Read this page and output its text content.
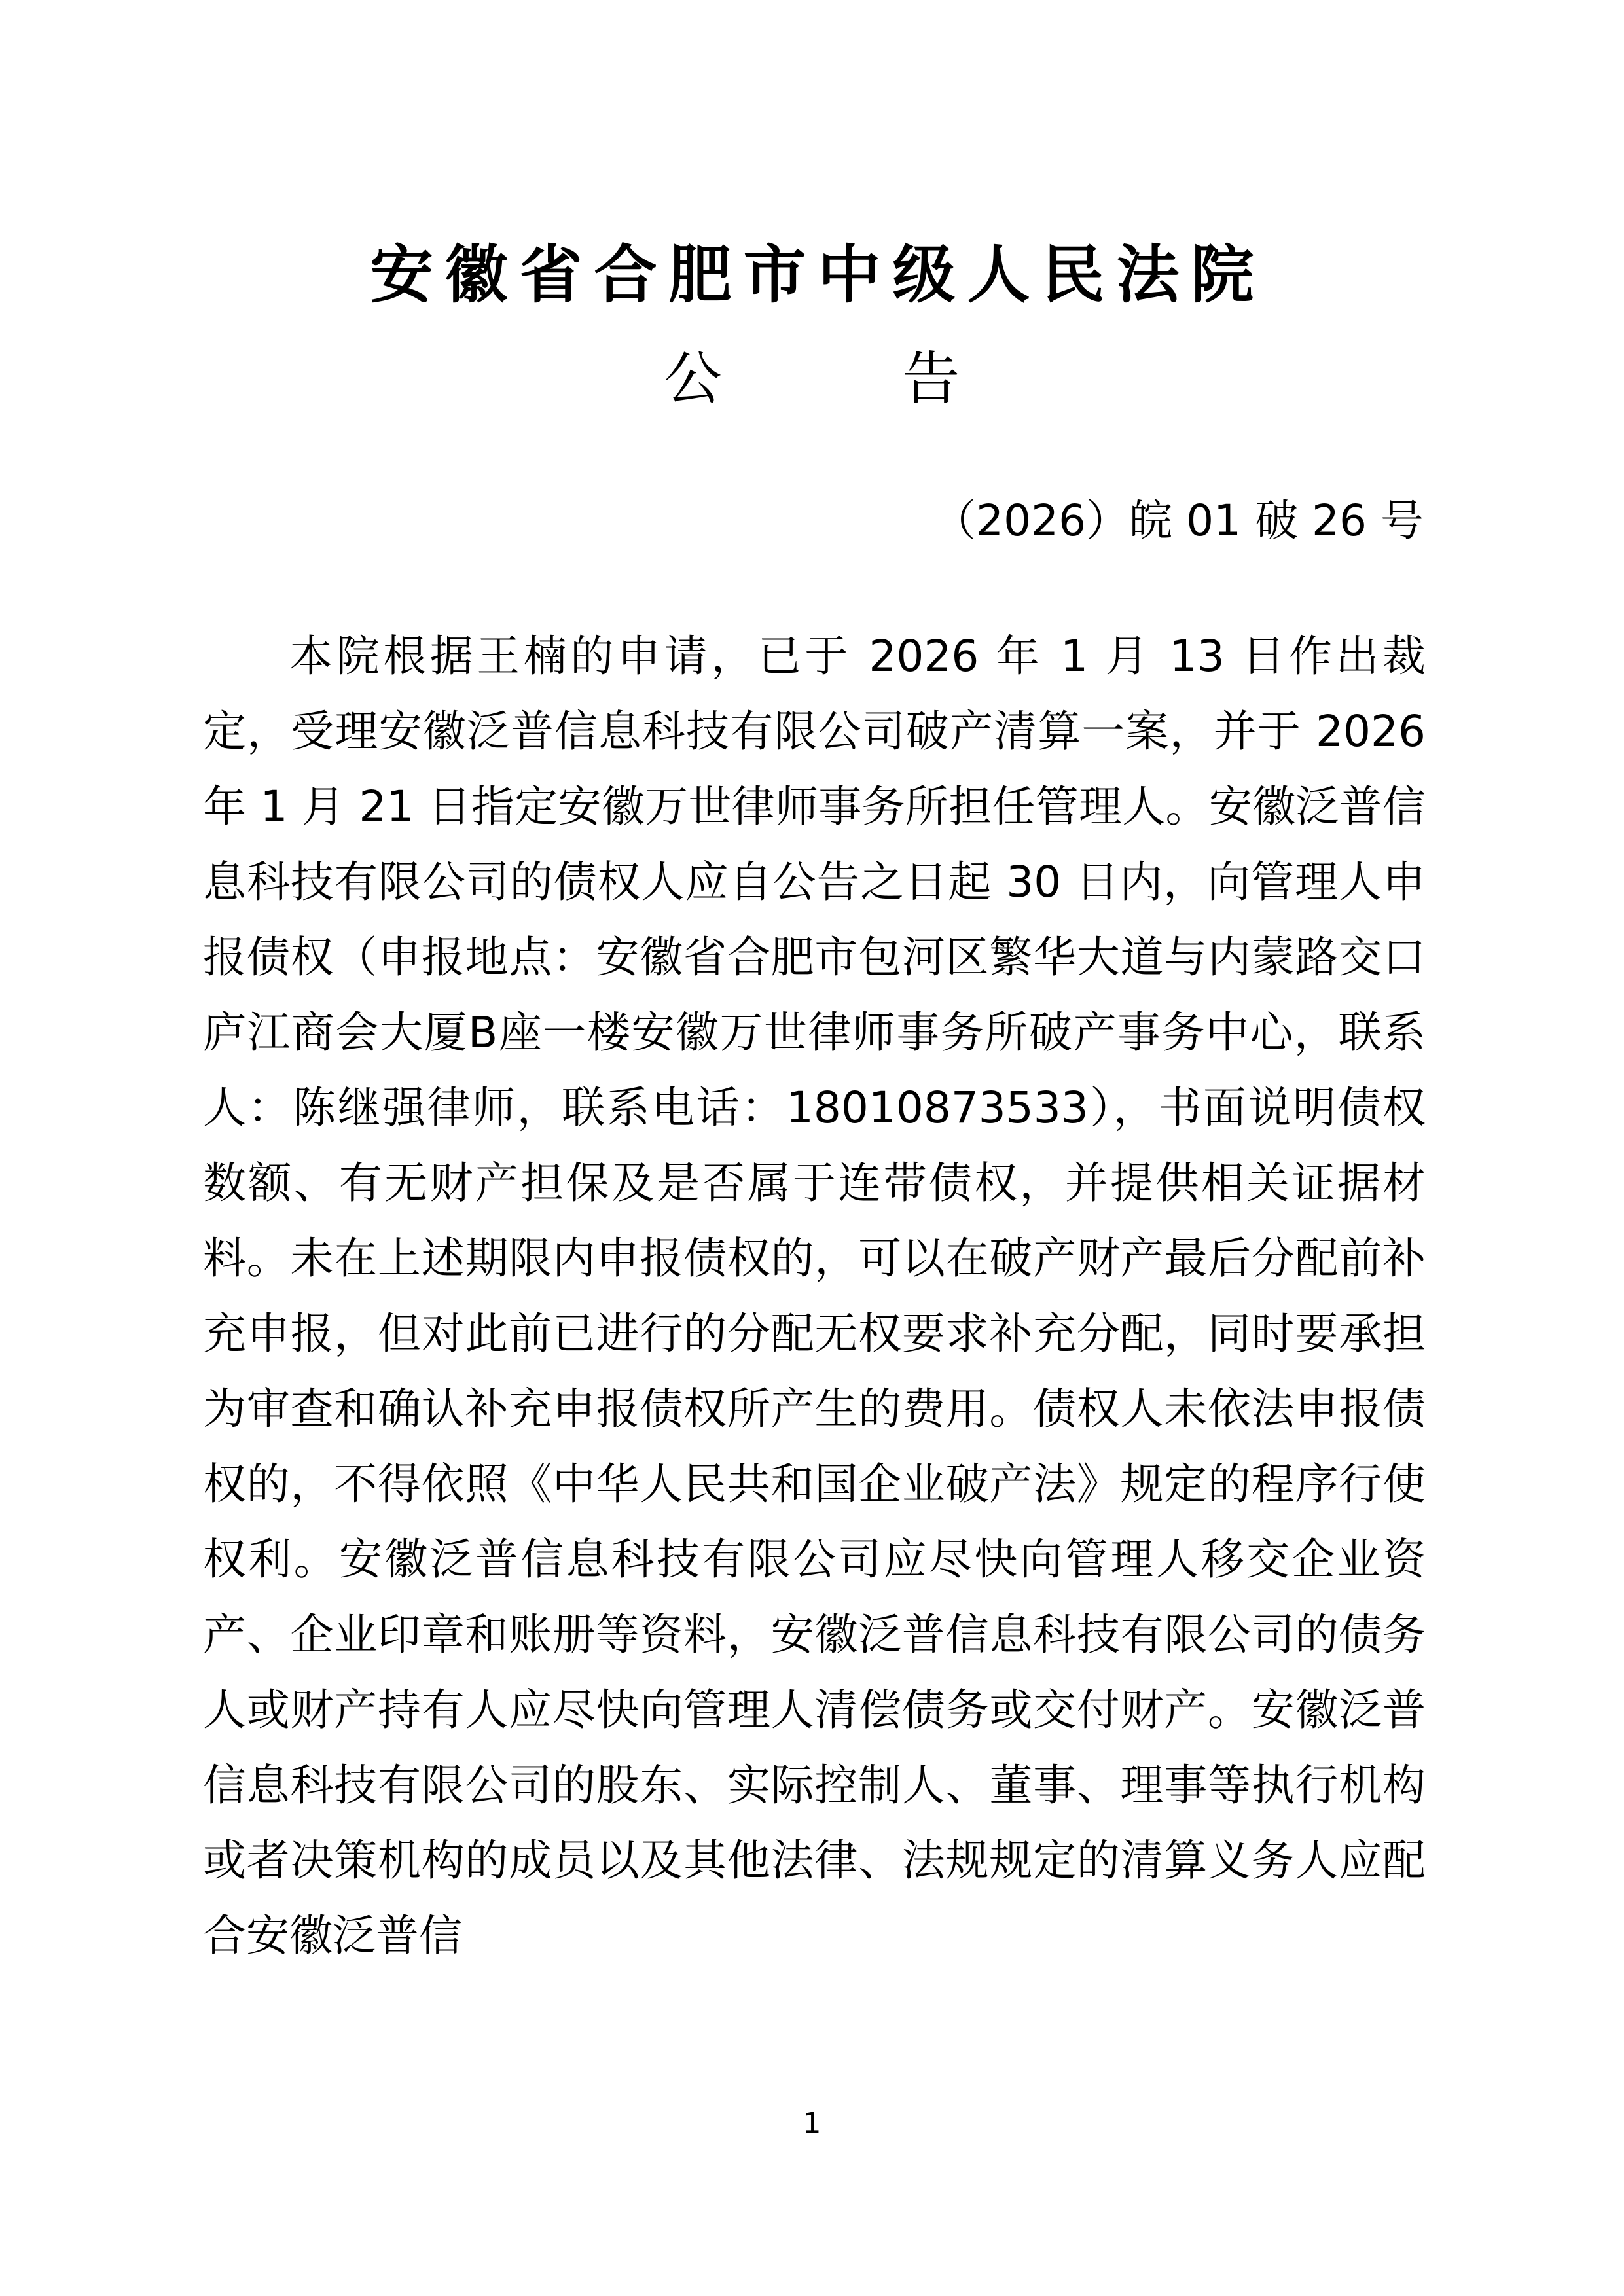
安徽省合肥市中级人民法院
公       告
（2026）皖 01 破 26 号

本院根据王楠的申请，已于 2026 年 1 月 13 日作出裁定，受理安徽泛普信息科技有限公司破产清算一案，并于 2026 年 1 月 21 日指定安徽万世律师事务所担任管理人。安徽泛普信息科技有限公司的债权人应自公告之日起 30 日内，向管理人申报债权（申报地点：安徽省合肥市包河区繁华大道与内蒙路交口庐江商会大厦B座一楼安徽万世律师事务所破产事务中心，联系人：陈继强律师，联系电话：18010873533），书面说明债权数额、有无财产担保及是否属于连带债权，并提供相关证据材料。未在上述期限内申报债权的，可以在破产财产最后分配前补充申报，但对此前已进行的分配无权要求补充分配，同时要承担为审查和确认补充申报债权所产生的费用。债权人未依法申报债权的，不得依照《中华人民共和国企业破产法》规定的程序行使权利。安徽泛普信息科技有限公司应尽快向管理人移交企业资产、企业印章和账册等资料，安徽泛普信息科技有限公司的债务人或财产持有人应尽快向管理人清偿债务或交付财产。安徽泛普信息科技有限公司的股东、实际控制人、董事、理事等执行机构或者决策机构的成员以及其他法律、法规规定的清算义务人应配合安徽泛普信

1
